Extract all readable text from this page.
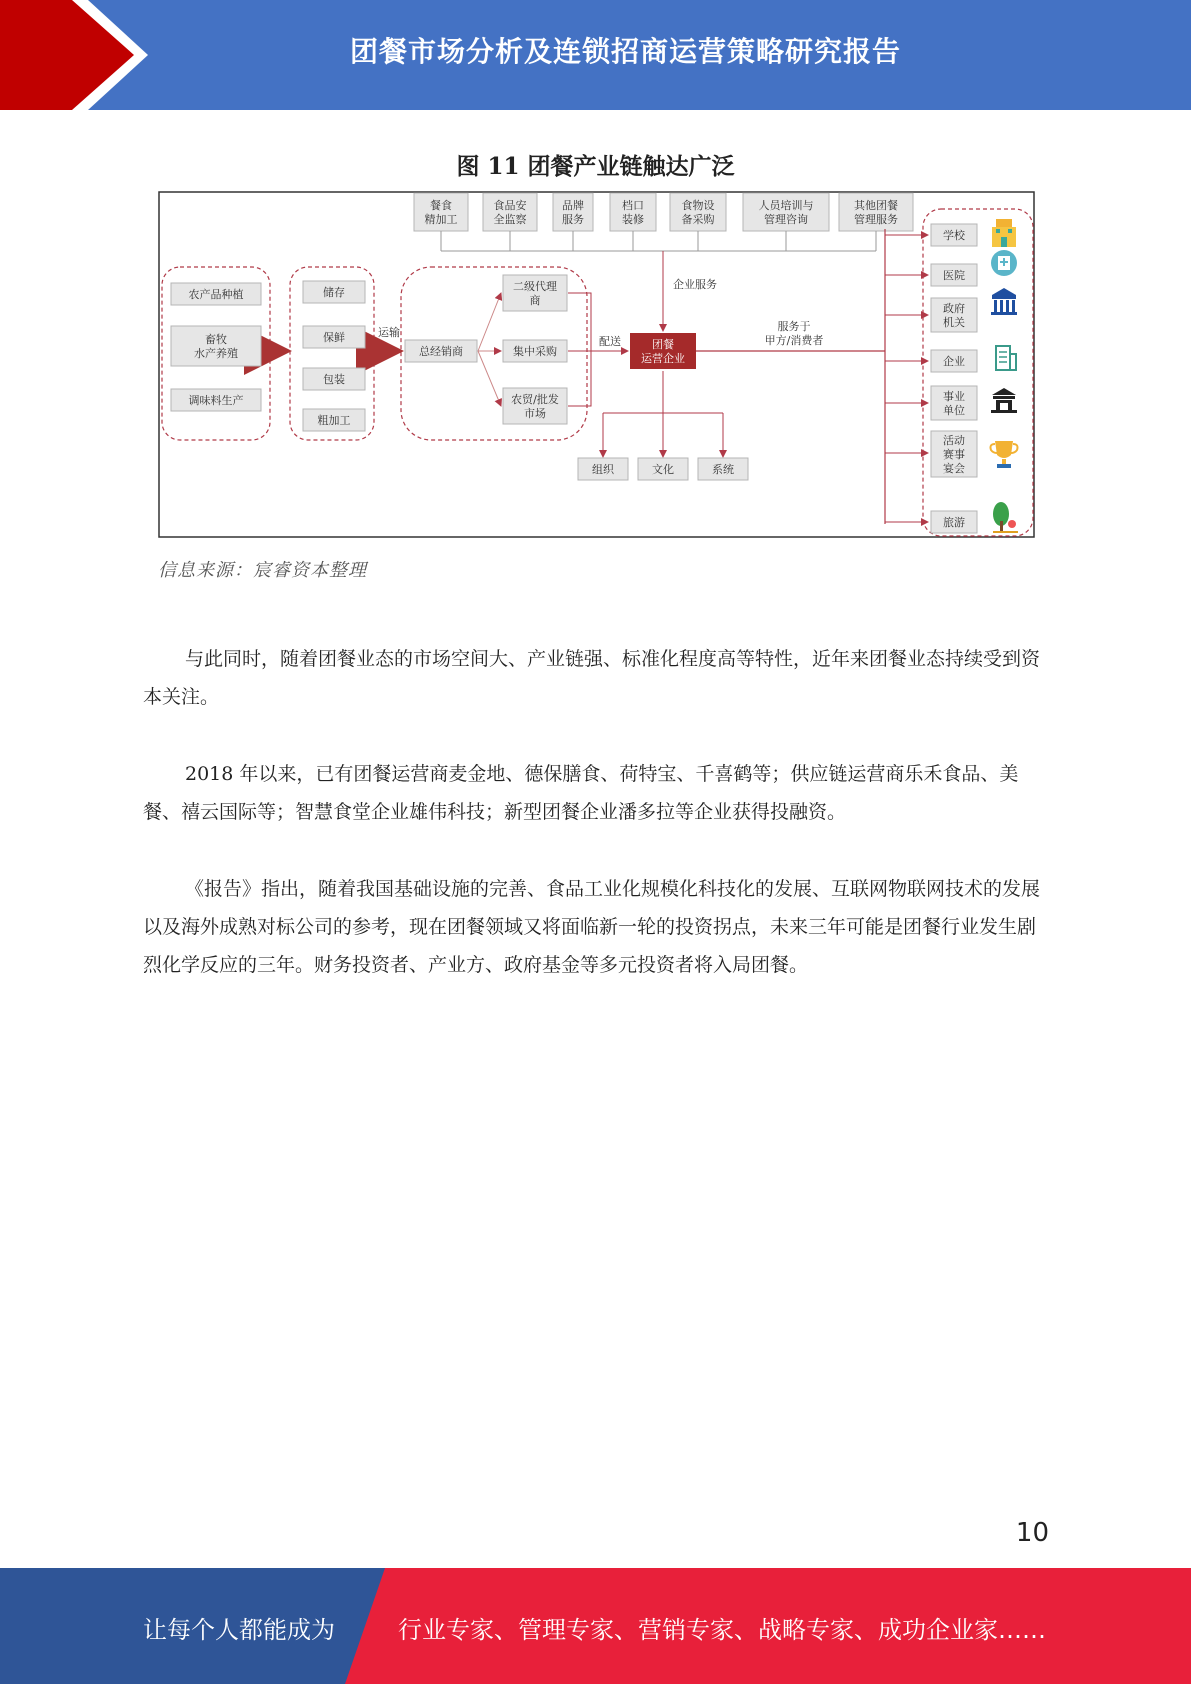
团餐市场分析及连锁招商运营策略研究报告
图 11 团餐产业链触达广泛
餐食
精加工
食品安
全监察
品牌
服务
档口
装修
食物设
备采购
人员培训与
管理咨询
其他团餐
管理服务
农产品种植
畜牧
水产养殖
调味料生产
储存
保鲜
包装
粗加工
运输
总经销商
二级代理
商
集中采购
农贸/批发
市场
配送
企业服务
服务于
甲方/消费者
团餐
运营企业
组织	文化	系统
学校
医院
政府
机关
企业
事业
单位
活动
赛事
宴会
旅游
信息来源：宸睿资本整理
与此同时，随着团餐业态的市场空间大、产业链强、标准化程度高等特性，近年来团餐业态持续受到资本关注。
2018 年以来，已有团餐运营商麦金地、德保膳食、荷特宝、千喜鹤等；供应链运营商乐禾食品、美餐、禧云国际等；智慧食堂企业雄伟科技；新型团餐企业潘多拉等企业获得投融资。
《报告》指出，随着我国基础设施的完善、食品工业化规模化科技化的发展、互联网物联网技术的发展以及海外成熟对标公司的参考，现在团餐领域又将面临新一轮的投资拐点，未来三年可能是团餐行业发生剧烈化学反应的三年。财务投资者、产业方、政府基金等多元投资者将入局团餐。
10
让每个人都能成为	行业专家、管理专家、营销专家、战略专家、成功企业家……
